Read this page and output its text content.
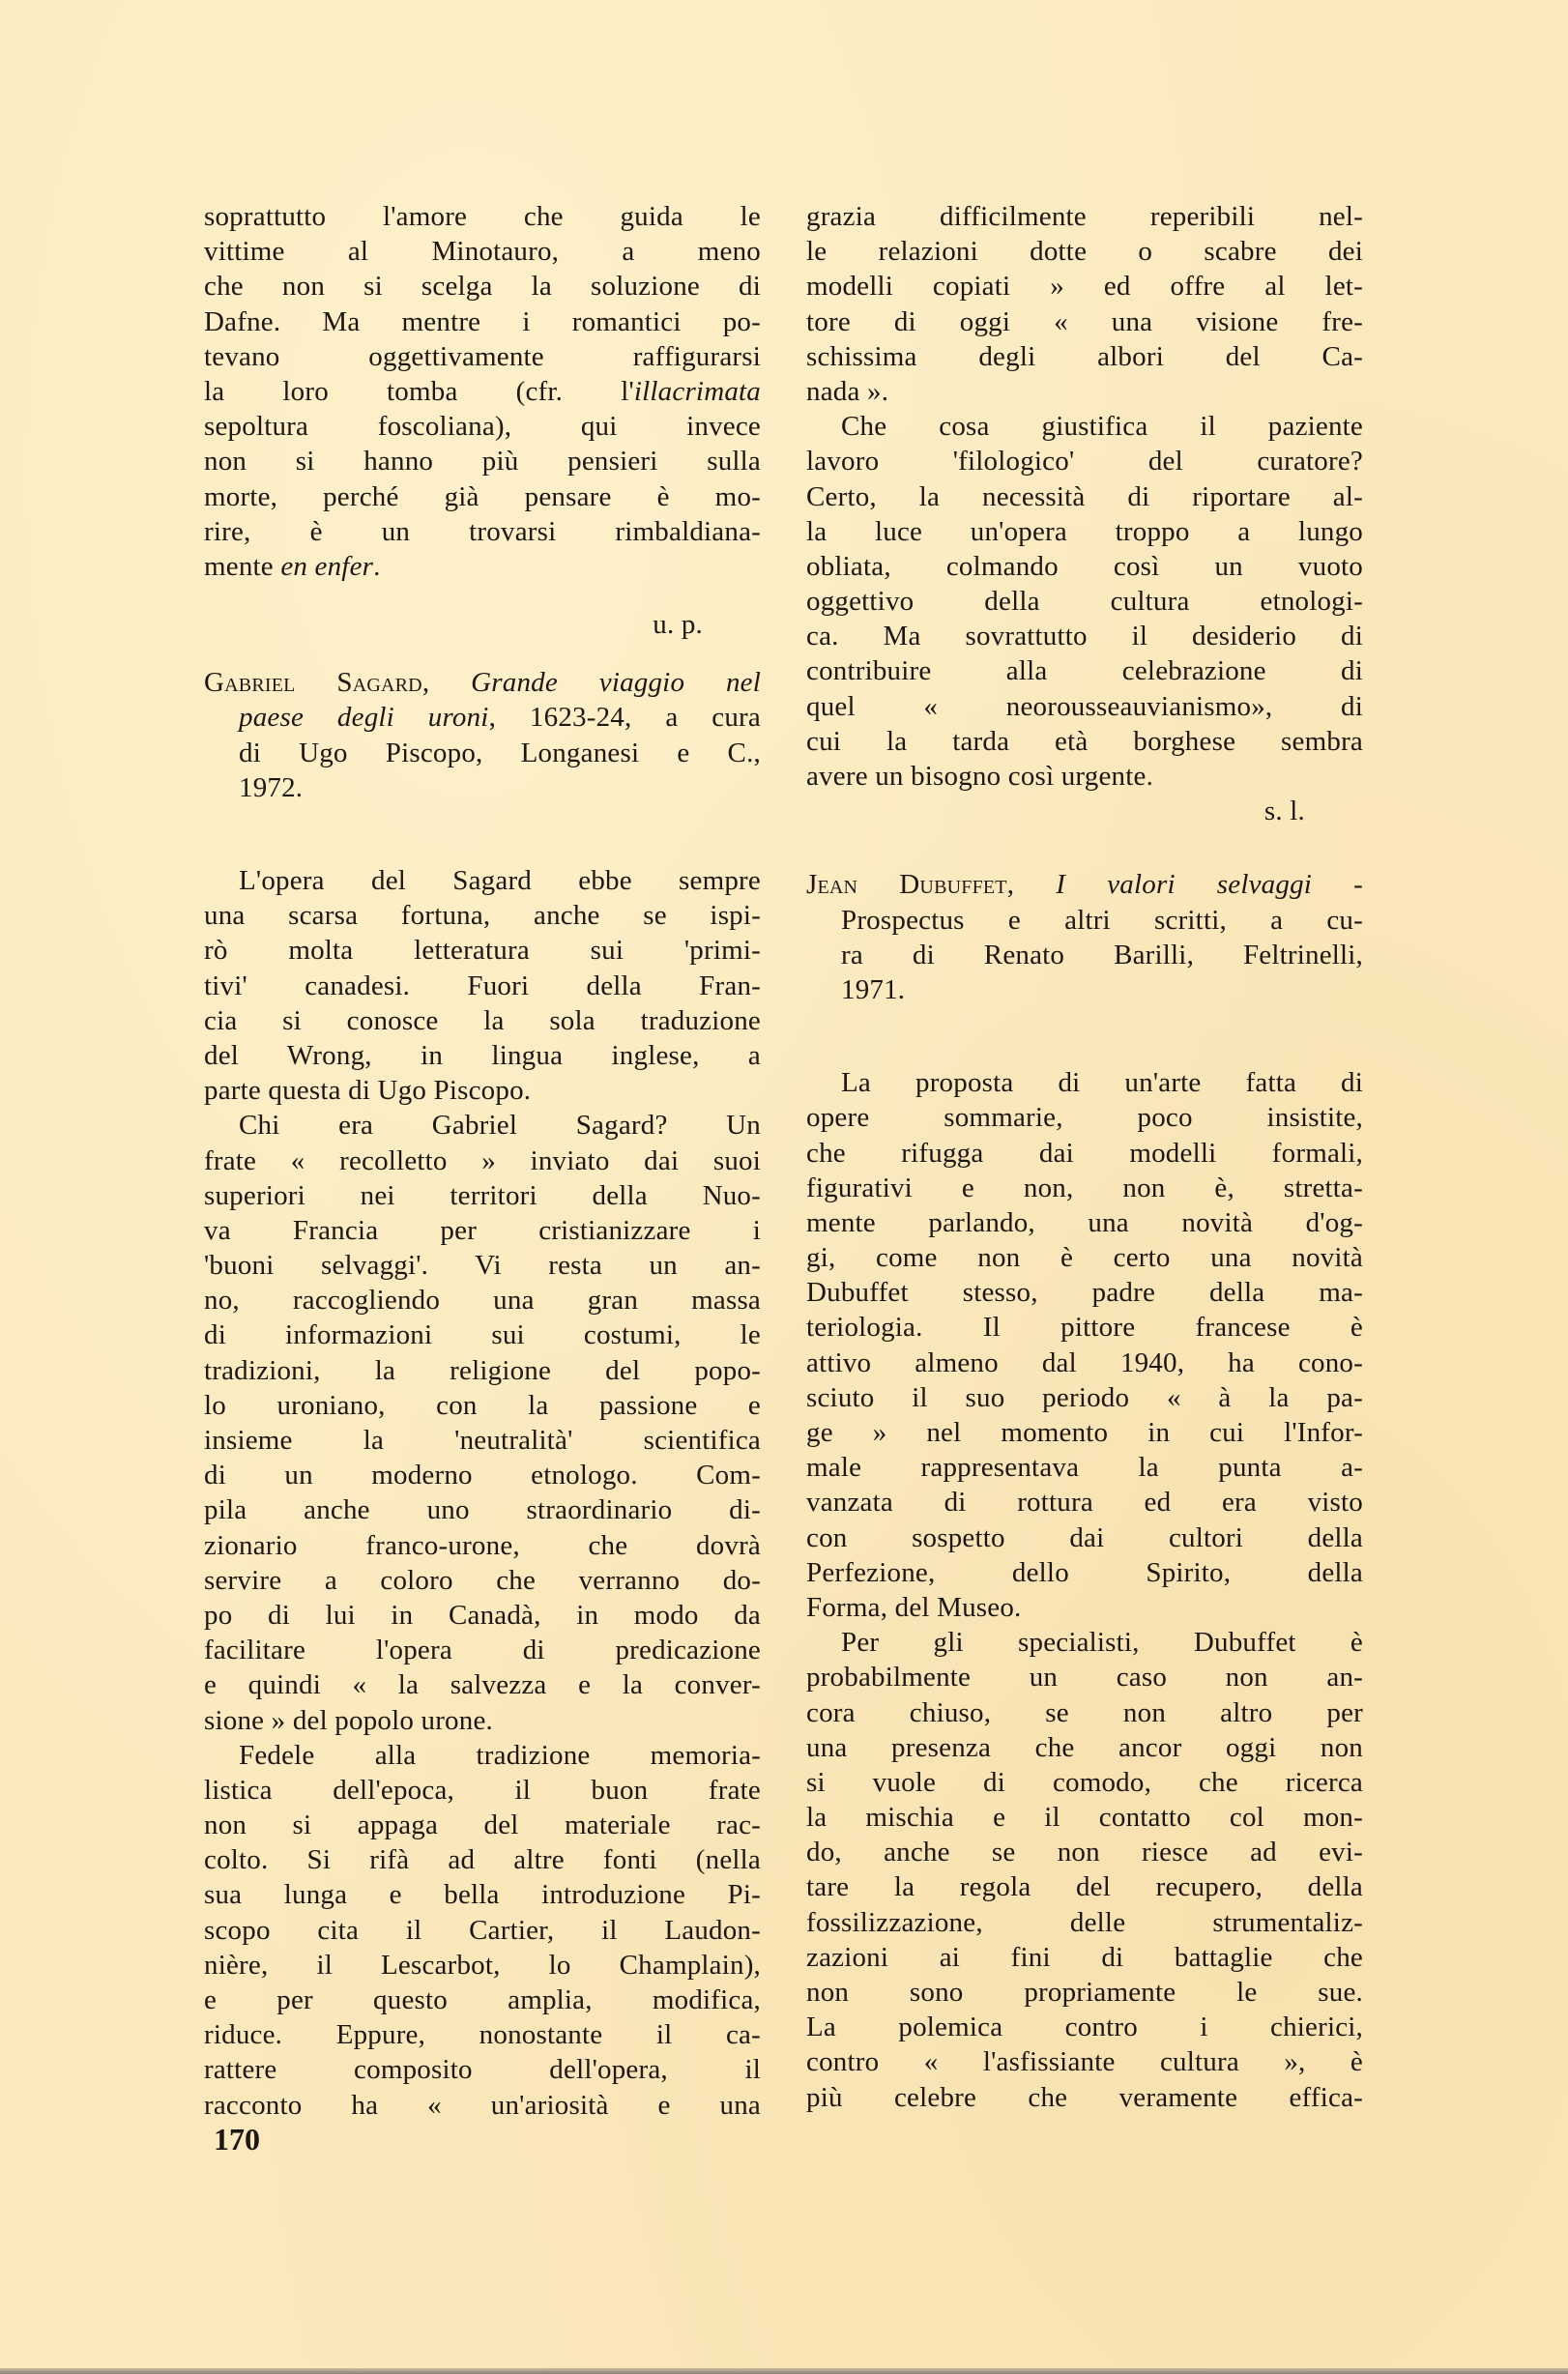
soprattutto l'amore che guida le
vittime al Minotauro, a meno
che non si scelga la soluzione di
Dafne. Ma mentre i romantici po-
tevano oggettivamente raffigurarsi
la loro tomba (cfr. l'illacrimata
sepoltura foscoliana), qui invece
non si hanno più pensieri sulla
morte, perché già pensare è mo-
rire, è un trovarsi rimbaldiana-
mente en enfer.
u. p.
Gabriel Sagard, Grande viaggio nel
paese degli uroni, 1623-24, a cura
di Ugo Piscopo, Longanesi e C.,
1972.
L'opera del Sagard ebbe sempre
una scarsa fortuna, anche se ispi-
rò molta letteratura sui 'primi-
tivi' canadesi. Fuori della Fran-
cia si conosce la sola traduzione
del Wrong, in lingua inglese, a
parte questa di Ugo Piscopo.
Chi era Gabriel Sagard? Un
frate « recolletto » inviato dai suoi
superiori nei territori della Nuo-
va Francia per cristianizzare i
'buoni selvaggi'. Vi resta un an-
no, raccogliendo una gran massa
di informazioni sui costumi, le
tradizioni, la religione del popo-
lo uroniano, con la passione e
insieme la 'neutralità' scientifica
di un moderno etnologo. Com-
pila anche uno straordinario di-
zionario franco-urone, che dovrà
servire a coloro che verranno do-
po di lui in Canadà, in modo da
facilitare l'opera di predicazione
e quindi « la salvezza e la conver-
sione » del popolo urone.
Fedele alla tradizione memoria-
listica dell'epoca, il buon frate
non si appaga del materiale rac-
colto. Si rifà ad altre fonti (nella
sua lunga e bella introduzione Pi-
scopo cita il Cartier, il Laudon-
nière, il Lescarbot, lo Champlain),
e per questo amplia, modifica,
riduce. Eppure, nonostante il ca-
rattere composito dell'opera, il
racconto ha « un'ariosità e una
grazia difficilmente reperibili nel-
le relazioni dotte o scabre dei
modelli copiati » ed offre al let-
tore di oggi « una visione fre-
schissima degli albori del Ca-
nada ».
Che cosa giustifica il paziente
lavoro 'filologico' del curatore?
Certo, la necessità di riportare al-
la luce un'opera troppo a lungo
obliata, colmando così un vuoto
oggettivo della cultura etnologi-
ca. Ma sovrattutto il desiderio di
contribuire alla celebrazione di
quel « neorousseauvianismo», di
cui la tarda età borghese sembra
avere un bisogno così urgente.
s. l.
Jean Dubuffet, I valori selvaggi -
Prospectus e altri scritti, a cu-
ra di Renato Barilli, Feltrinelli,
1971.
La proposta di un'arte fatta di
opere sommarie, poco insistite,
che rifugga dai modelli formali,
figurativi e non, non è, stretta-
mente parlando, una novità d'og-
gi, come non è certo una novità
Dubuffet stesso, padre della ma-
teriologia. Il pittore francese è
attivo almeno dal 1940, ha cono-
sciuto il suo periodo « à la pa-
ge » nel momento in cui l'Infor-
male rappresentava la punta a-
vanzata di rottura ed era visto
con sospetto dai cultori della
Perfezione, dello Spirito, della
Forma, del Museo.
Per gli specialisti, Dubuffet è
probabilmente un caso non an-
cora chiuso, se non altro per
una presenza che ancor oggi non
si vuole di comodo, che ricerca
la mischia e il contatto col mon-
do, anche se non riesce ad evi-
tare la regola del recupero, della
fossilizzazione, delle strumentaliz-
zazioni ai fini di battaglie che
non sono propriamente le sue.
La polemica contro i chierici,
contro « l'asfissiante cultura », è
più celebre che veramente effica-
170
